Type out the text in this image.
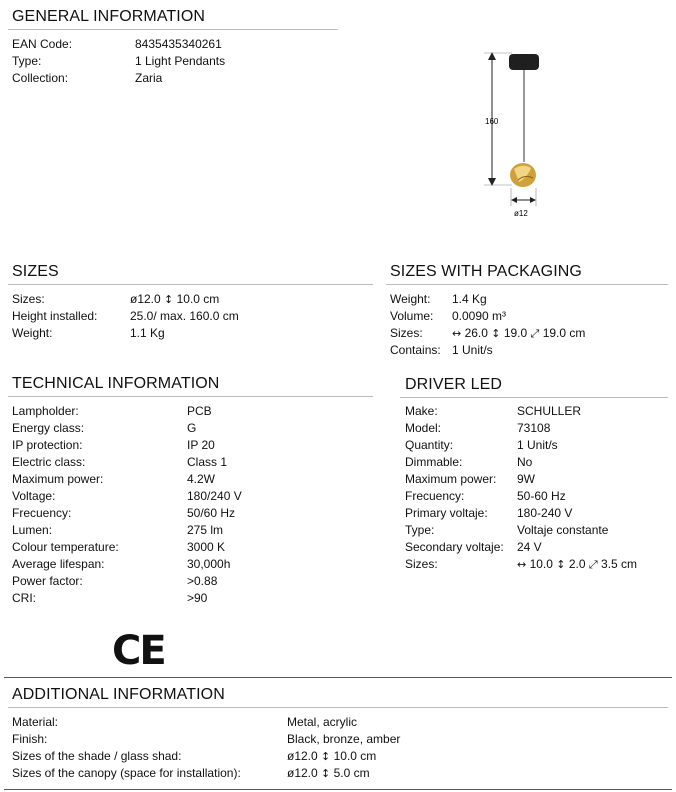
GENERAL INFORMATION
EAN Code:	8435435340261
Type:	1 Light Pendants
Collection:	Zaria
160
ø12
SIZES
Sizes:	ø12.0 ↕ 10.0 cm
Height installed:	25.0/ max. 160.0 cm
Weight:	1.1 Kg
SIZES WITH PACKAGING
Weight: 1.4 Kg
Volume: 0.0090 m³
Sizes:	↔ 26.0 ↕ 19.0 ⤢ 19.0 cm
Contains: 1 Unit/s
TECHNICAL INFORMATION
Lampholder:	PCB
Energy class:	G
IP protection:	IP 20
Electric class:	Class 1
Maximum power:	4.2W
Voltage:	180/240 V
Frecuency:	50/60 Hz
Lumen:	275 lm
Colour temperature:	3000 K
Average lifespan:	30,000h
Power factor:	>0.88
CRI:	>90
DRIVER LED
Make:	SCHULLER
Model:	73108
Quantity:	1 Unit/s
Dimmable:	No
Maximum power: 9W
Frecuency:	50-60 Hz
Primary voltaje: 180-240 V
Type:	Voltaje constante
Secondary voltaje: 24 V
Sizes:	↔ 10.0 ↕ 2.0 ⤢ 3.5 cm
CE
ADDITIONAL INFORMATION
Material:	Metal, acrylic
Finish:	Black, bronze, amber
Sizes of the shade / glass shad:	ø12.0 ↕ 10.0 cm
Sizes of the canopy (space for installation):	ø12.0 ↕ 5.0 cm
